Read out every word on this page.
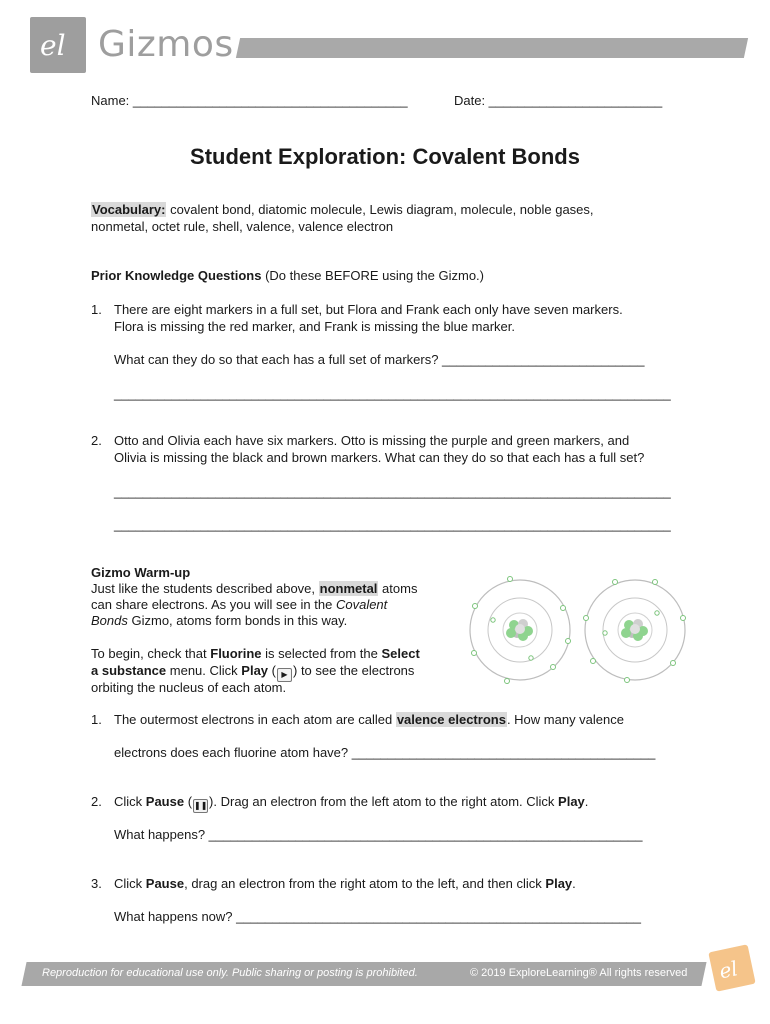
el Gizmos
Name: ______________________________________	Date: ________________________
Student Exploration: Covalent Bonds
Vocabulary: covalent bond, diatomic molecule, Lewis diagram, molecule, noble gases,
nonmetal, octet rule, shell, valence, valence electron
Prior Knowledge Questions (Do these BEFORE using the Gizmo.)
1. There are eight markers in a full set, but Flora and Frank each only have seven markers.
Flora is missing the red marker, and Frank is missing the blue marker.
What can they do so that each has a full set of markers? ____________________________
_____________________________________________________________________________
2. Otto and Olivia each have six markers. Otto is missing the purple and green markers, and
Olivia is missing the black and brown markers. What can they do so that each has a full set?
_____________________________________________________________________________
_____________________________________________________________________________
Gizmo Warm-up
Just like the students described above, nonmetal atoms
can share electrons. As you will see in the Covalent
Bonds Gizmo, atoms form bonds in this way.
To begin, check that Fluorine is selected from the Select
a substance menu. Click Play ( ▶ ) to see the electrons
orbiting the nucleus of each atom.
1. The outermost electrons in each atom are called valence electrons. How many valence
electrons does each fluorine atom have? __________________________________________
2. Click Pause ( ❚❚ ). Drag an electron from the left atom to the right atom. Click Play.
What happens? ____________________________________________________________
3. Click Pause, drag an electron from the right atom to the left, and then click Play.
What happens now? ________________________________________________________
Reproduction for educational use only. Public sharing or posting is prohibited.	© 2019 ExploreLearning® All rights reserved el
